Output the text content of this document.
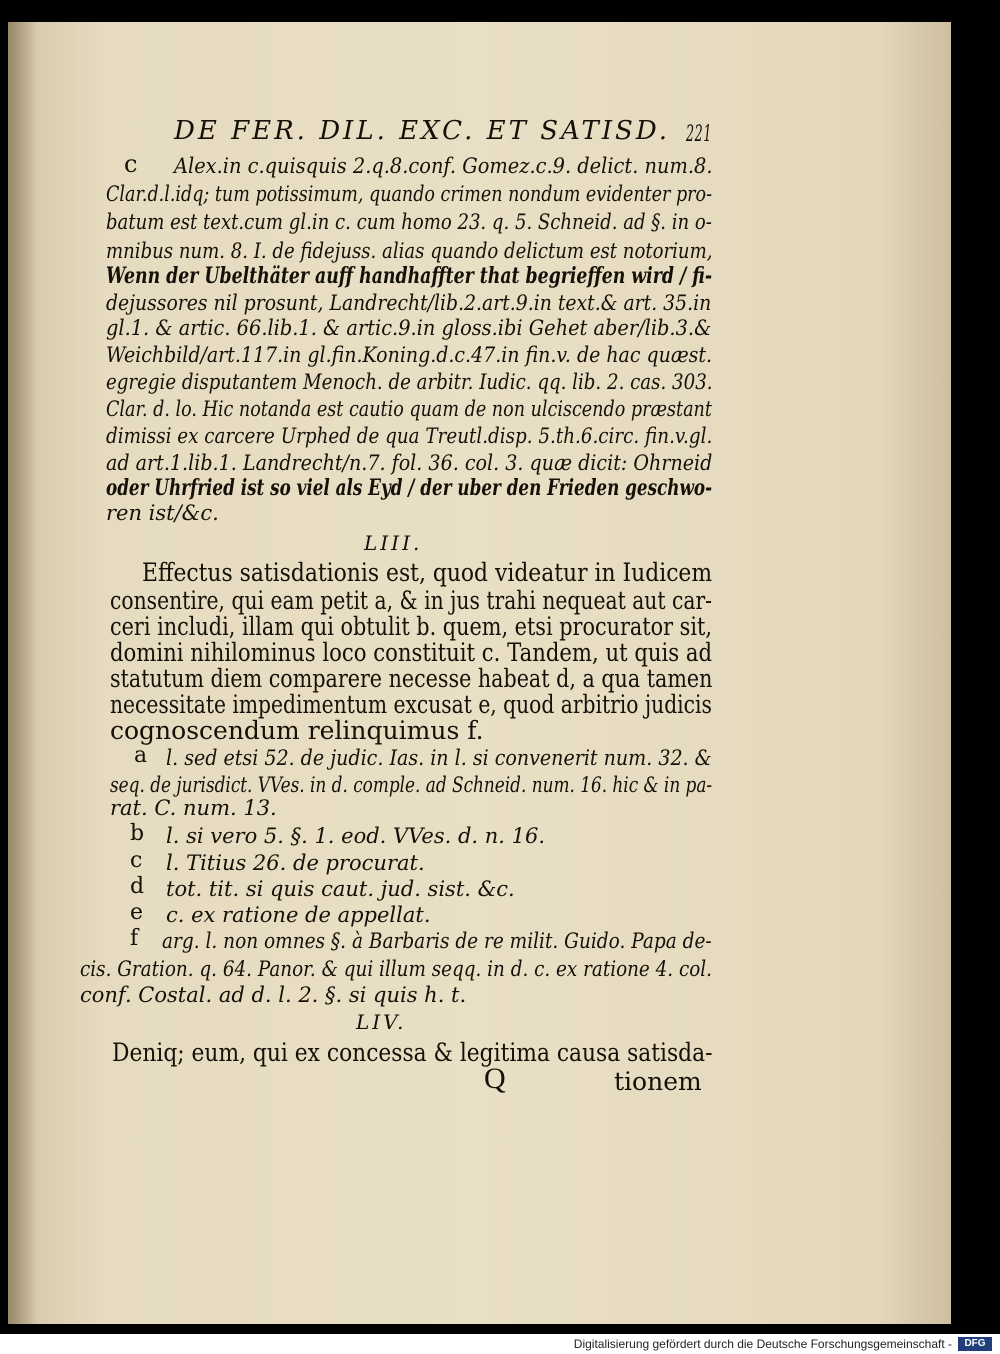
DE FER. DIL. EXC. ET SATISD. 221
c Alex.in c.quisquis 2.q.8.conf. Gomez.c.9. delict. num.8.
Clar.d.l.idq; tum potissimum, quando crimen nondum evidenter pro-
batum est text.cum gl.in c. cum homo 23. q. 5. Schneid. ad §. in o-
mnibus num. 8. I. de fidejuss. alias quando delictum est notorium,
Wenn der Ubelthäter auff handhaffter that begrieffen wird / fi-
dejussores nil prosunt, Landrecht/lib.2.art.9.in text.& art. 35.in
gl.1. & artic. 66.lib.1. & artic.9.in gloss.ibi Gehet aber/lib.3.&
Weichbild/art.117.in gl.fin.Koning.d.c.47.in fin.v. de hac quæst.
egregie disputantem Menoch. de arbitr. Iudic. qq. lib. 2. cas. 303.
Clar. d. lo. Hic notanda est cautio quam de non ulciscendo præstant
dimissi ex carcere Urphed de qua Treutl.disp. 5.th.6.circ. fin.v.gl.
ad art.1.lib.1. Landrecht/n.7. fol. 36. col. 3. quæ dicit: Ohrneid
oder Uhrfried ist so viel als Eyd / der uber den Frieden geschwo-
ren ist/&c.
LIII.
Effectus satisdationis est, quod videatur in Iudicem
consentire, qui eam petit a, & in jus trahi nequeat aut car-
ceri includi, illam qui obtulit b. quem, etsi procurator sit,
domini nihilominus loco constituit c. Tandem, ut quis ad
statutum diem comparere necesse habeat d, a qua tamen
necessitate impedimentum excusat e, quod arbitrio judicis
cognoscendum relinquimus f.
a l. sed etsi 52. de judic. Ias. in l. si convenerit num. 32. &
seq. de jurisdict. VVes. in d. comple. ad Schneid. num. 16. hic & in pa-
rat. C. num. 13.
b l. si vero 5. §. 1. eod. VVes. d. n. 16.
c l. Titius 26. de procurat.
d tot. tit. si quis caut. jud. sist. &c.
e c. ex ratione de appellat.
f arg. l. non omnes §. à Barbaris de re milit. Guido. Papa de-
cis. Gration. q. 64. Panor. & qui illum seqq. in d. c. ex ratione 4. col.
conf. Costal. ad d. l. 2. §. si quis h. t.
LIV.
Deniq; eum, qui ex concessa & legitima causa satisda-
Q	tionem
Digitalisierung gefördert durch die Deutsche Forschungsgemeinschaft -	DFG
